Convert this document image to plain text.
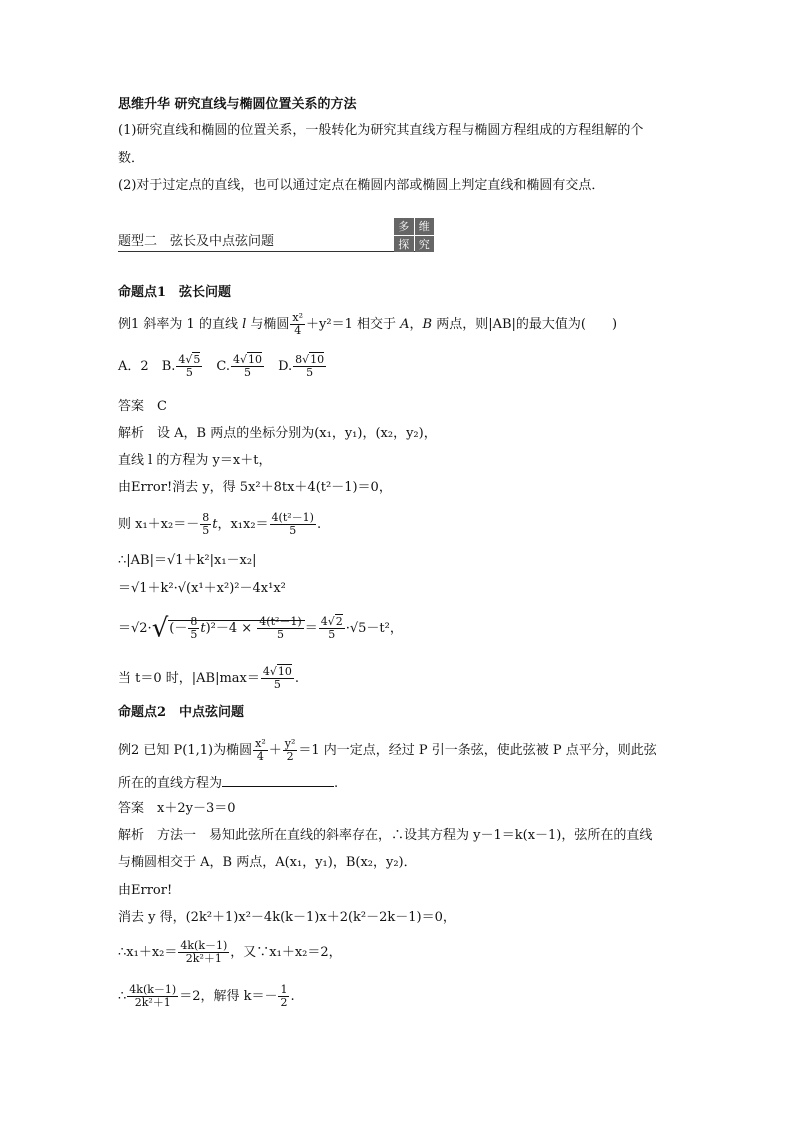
思维升华 研究直线与椭圆位置关系的方法
(1)研究直线和椭圆的位置关系，一般转化为研究其直线方程与椭圆方程组成的方程组解的个
数．
(2)对于过定点的直线，也可以通过定点在椭圆内部或椭圆上判定直线和椭圆有交点．
题型二　弦长及中点弦问题
多 维
探 究
命题点1　弦长问题
例1 斜率为 1 的直线 l 与椭圆 $\frac{\text{x²}}{4} +y^2=1$ 相交于 A，B 两点，则|AB|的最大值为(　　)
A．2　 B. $\frac{4√5}{5}$
　 C. $\frac{4√10}{5}$
　 D. $\frac{8√10}{5}$
答案　C
解析　设 A，B 两点的坐标分别为(x₁，y₁)，(x₂，y₂)，
直线 l 的方程为 y＝x＋t，
由Error!消去 y，得 5x²＋8tx＋4(t²－1)＝0，
则 $x_1+x_2=- \frac{8}{5}$ t，$x_1x_2= \frac{\text{4(t²－1)}}{5}$ .
∴|AB|＝√1＋k²|x₁－x₂|
＝√1＋k²·√(x¹＋x²)²－4x¹x²
$=√2\cdot√(- \frac{8}{5} t)^2-4 \times \frac{\text{4(t²－1)}}{5} = \frac{4√2}{5} \cdot√5-t^2$，
当 t＝0 时，$|AB|\max= \frac{4√10}{5}$ .
命题点2　中点弦问题
例2 已知 P(1,1)为椭圆 $\frac{\text{x²}}{4} + \frac{\text{y²}}{2} =1$ 内一定点，经过 P 引一条弦，使此弦被 P 点平分，则此弦
所在的直线方程为	.
答案　x＋2y－3＝0
解析　方法一　易知此弦所在直线的斜率存在，∴设其方程为 y－1＝k(x－1)，弦所在的直线
与椭圆相交于 A，B 两点，A(x₁，y₁)，B(x₂，y₂)．
由Error!
消去 y 得，(2k²＋1)x²－4k(k－1)x＋2(k²－2k－1)＝0，
∴x₁＋x₂＝ $\frac{4k(k-1)}{\text{2k²＋1}}$ ，又∵x₁＋x₂＝2，
∴ $\frac{4k(k-1)}{\text{2k²＋1}} =2$，解得 $k=- \frac{1}{2}$ .
